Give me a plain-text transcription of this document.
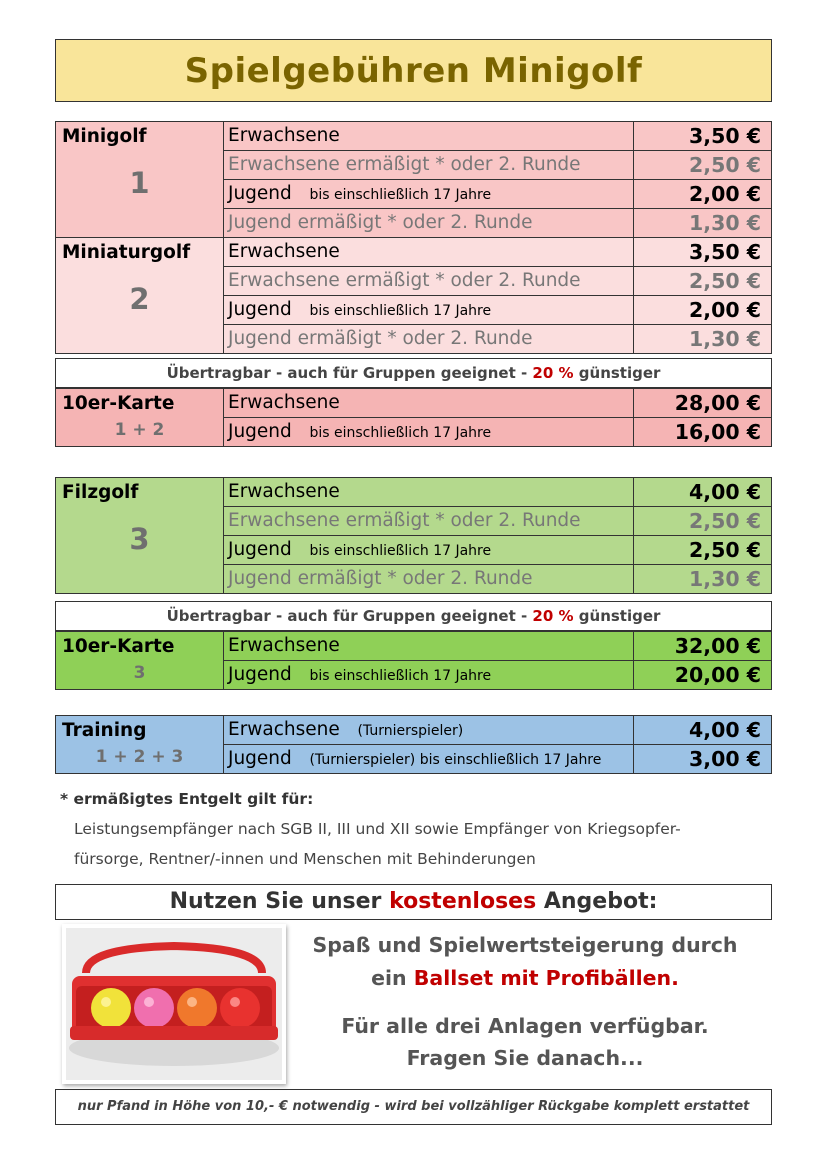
Spielgebühren Minigolf
Minigolf
1	Erwachsene	3,50 €
	Erwachsene ermäßigt * oder 2. Runde	2,50 €
	Jugend bis einschließlich 17 Jahre	2,00 €
	Jugend ermäßigt * oder 2. Runde	1,30 €

Miniaturgolf
2	Erwachsene	3,50 €
	Erwachsene ermäßigt * oder 2. Runde	2,50 €
	Jugend bis einschließlich 17 Jahre	2,00 €
	Jugend ermäßigt * oder 2. Runde	1,30 €
Übertragbar - auch für Gruppen geeignet - 20 % günstiger
10er-Karte
1 + 2	Erwachsene	28,00 €
	Jugend bis einschließlich 17 Jahre	16,00 €
Filzgolf
3	Erwachsene	4,00 €
	Erwachsene ermäßigt * oder 2. Runde	2,50 €
	Jugend bis einschließlich 17 Jahre	2,50 €
	Jugend ermäßigt * oder 2. Runde	1,30 €
Übertragbar - auch für Gruppen geeignet - 20 % günstiger
10er-Karte
3	Erwachsene	32,00 €
	Jugend bis einschließlich 17 Jahre	20,00 €
Training
1 + 2 + 3	Erwachsene (Turnierspieler)	4,00 €
	Jugend (Turnierspieler) bis einschließlich 17 Jahre	3,00 €
* ermäßigtes Entgelt gilt für:
Leistungsempfänger nach SGB II, III und XII sowie Empfänger von Kriegsopfer-
fürsorge, Rentner/-innen und Menschen mit Behinderungen
Nutzen Sie unser kostenloses Angebot:
Spaß und Spielwertsteigerung durch
ein Ballset mit Profibällen.
Für alle drei Anlagen verfügbar.
Fragen Sie danach...
nur Pfand in Höhe von 10,- € notwendig - wird bei vollzähliger Rückgabe komplett erstattet
